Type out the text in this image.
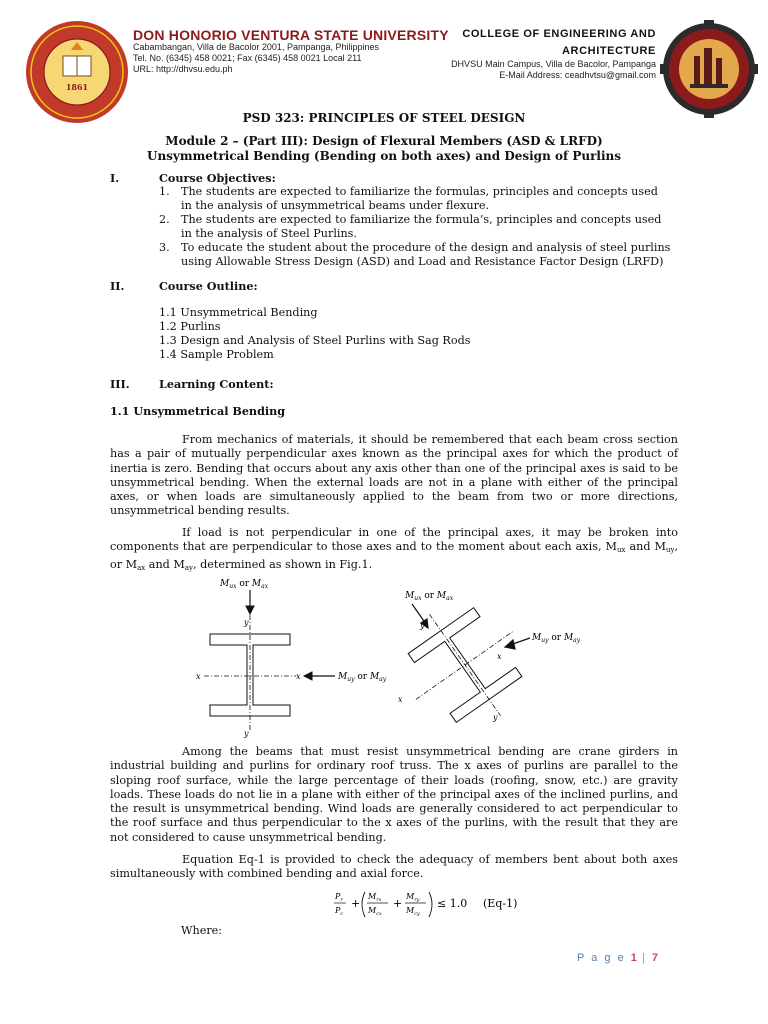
1861
DON HONORIO VENTURA STATE UNIVERSITY
Cabambangan, Villa de Bacolor 2001, Pampanga, Philippines
Tel. No. (6345) 458 0021; Fax (6345) 458 0021 Local 211
URL: http://dhvsu.edu.ph
COLLEGE OF ENGINEERING AND
ARCHITECTURE
DHVSU Main Campus, Villa de Bacolor, Pampanga
E-Mail Address: ceadhvtsu@gmail.com
PSD 323: PRINCIPLES OF STEEL DESIGN
Module 2 – (Part III): Design of Flexural Members (ASD & LRFD)
Unsymmetrical Bending (Bending on both axes) and Design of Purlins
I.	Course Objectives:
1. The students are expected to familiarize the formulas, principles and concepts used
in the analysis of unsymmetrical beams under flexure.
2. The students are expected to familiarize the formula’s, principles and concepts used
in the analysis of Steel Purlins.
3. To educate the student about the procedure of the design and analysis of steel purlins
using Allowable Stress Design (ASD) and Load and Resistance Factor Design (LRFD)
II.	Course Outline:
1.1 Unsymmetrical Bending
1.2 Purlins
1.3 Design and Analysis of Steel Purlins with Sag Rods
1.4 Sample Problem
III.	Learning Content:
1.1 Unsymmetrical Bending
From mechanics of materials, it should be remembered that each beam cross section has a pair of mutually perpendicular axes known as the principal axes for which the product of inertia is zero. Bending that occurs about any axis other than one of the principal axes is said to be unsymmetrical bending. When the external loads are not in a plane with either of the principal axes, or when loads are simultaneously applied to the beam from two or more directions, unsymmetrical bending results.
If load is not perpendicular in one of the principal axes, it may be broken into components that are perpendicular to those axes and to the moment about each axis, $M_{ux}$ and $M_{uy}$, or $M_{ax}$ and $M_{ay}$, determined as shown in Fig.1.
$M_{ux}$ or $M_{ax}$
y
y
x	x	$M_{uy}$ or $M_{ay}$
$M_{ux}$ or $M_{ax}$
$M_{uy}$ or $M_{ay}$
y
y
x
x
Among the beams that must resist unsymmetrical bending are crane girders in industrial building and purlins for ordinary roof truss. The x axes of purlins are parallel to the sloping roof surface, while the large percentage of their loads (roofing, snow, etc.) are gravity loads. These loads do not lie in a plane with either of the principal axes of the inclined purlins, and the result is unsymmetrical bending. Wind loads are generally considered to act perpendicular to the roof surface and thus perpendicular to the x axes of the purlins, with the result that they are not considered to cause unsymmetrical bending.
Equation Eq-1 is provided to check the adequacy of members bent about both axes simultaneously with combined bending and axial force.
$P_r$
$P_c$
+
$M_{rx}$
$M_{cx}$
+
$M_{ry}$
$M_{cy}$
≤ 1.0 (Eq-1)
Where:
P a g e 1 | 7
